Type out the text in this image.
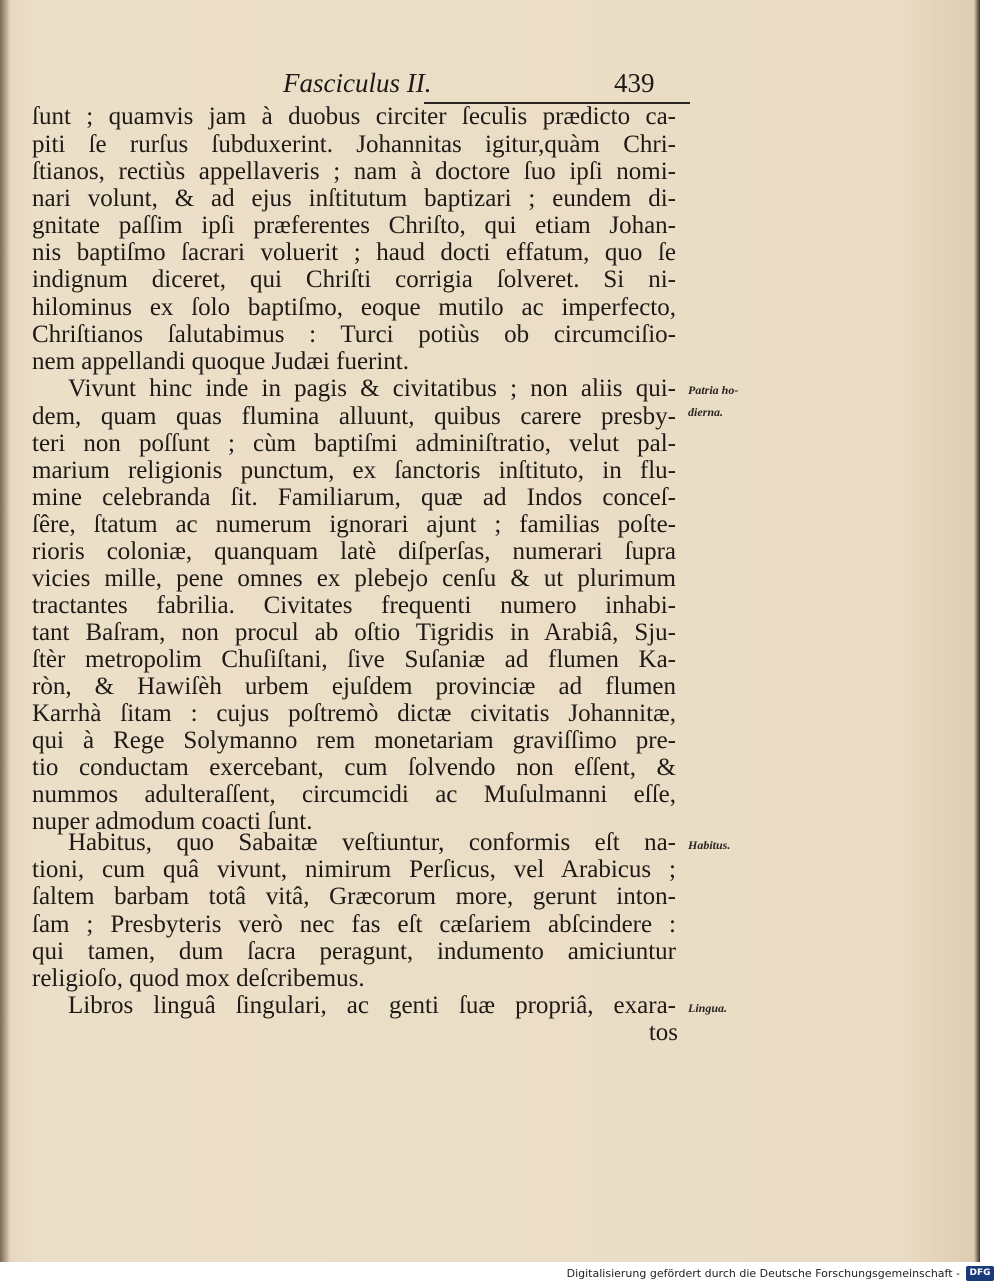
Fasciculus II.	439
ſunt ; quamvis jam à duobus circiter ſeculis prædicto ca-
piti ſe rurſus ſubduxerint. Johannitas igitur,quàm Chri-
ſtianos, rectiùs appellaveris ; nam à doctore ſuo ipſi nomi-
nari volunt, & ad ejus inſtitutum baptizari ; eundem di-
gnitate paſſim ipſi præferentes Chriſto, qui etiam Johan-
nis baptiſmo ſacrari voluerit ; haud docti effatum, quo ſe
indignum diceret, qui Chriſti corrigia ſolveret. Si ni-
hilominus ex ſolo baptiſmo, eoque mutilo ac imperfecto,
Chriſtianos ſalutabimus : Turci potiùs ob circumciſio-
nem appellandi quoque Judæi fuerint.
Vivunt hinc inde in pagis & civitatibus ; non aliis qui-
dem, quam quas flumina alluunt, quibus carere presby-
teri non poſſunt ; cùm baptiſmi adminiſtratio, velut pal-
marium religionis punctum, ex ſanctoris inſtituto, in flu-
mine celebranda ſit. Familiarum, quæ ad Indos conceſ-
ſêre, ſtatum ac numerum ignorari ajunt ; familias poſte-
rioris coloniæ, quanquam latè diſperſas, numerari ſupra
vicies mille, pene omnes ex plebejo cenſu & ut plurimum
tractantes fabrilia. Civitates frequenti numero inhabi-
tant Baſram, non procul ab oſtio Tigridis in Arabiâ, Sju-
ſtèr metropolim Chuſiſtani, ſive Suſaniæ ad flumen Ka-
ròn, & Hawiſèh urbem ejuſdem provinciæ ad flumen
Karrhà ſitam : cujus poſtremò dictæ civitatis Johannitæ,
qui à Rege Solymanno rem monetariam graviſſimo pre-
tio conductam exercebant, cum ſolvendo non eſſent, &
nummos adulteraſſent, circumcidi ac Muſulmanni eſſe,
nuper admodum coacti ſunt.
Habitus, quo Sabaitæ veſtiuntur, conformis eſt na-
tioni, cum quâ vivunt, nimirum Perſicus, vel Arabicus ;
ſaltem barbam totâ vitâ, Græcorum more, gerunt inton-
ſam ; Presbyteris verò nec fas eſt cæſariem abſcindere :
qui tamen, dum ſacra peragunt, indumento amiciuntur
religioſo, quod mox deſcribemus.
Libros linguâ ſingulari, ac genti ſuæ propriâ, exara-
tos
Patria ho-
dierna.
Habitus.
Lingua.
Digitalisierung gefördert durch die Deutsche Forschungsgemeinschaft -	DFG
